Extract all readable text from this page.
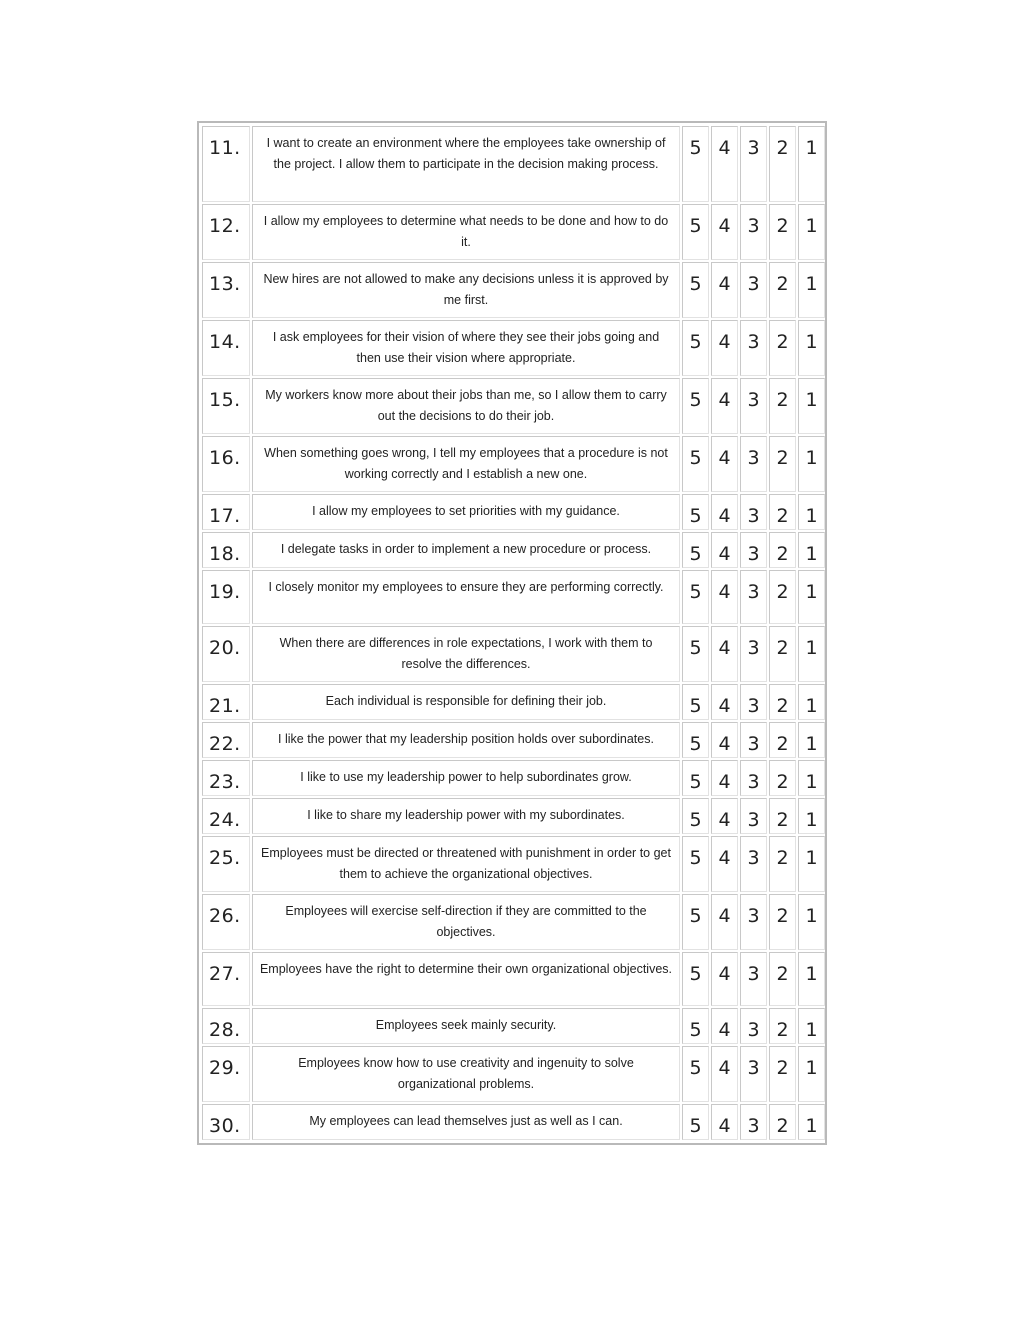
11.	I want to create an environment where the employees take ownership of the project. I allow them to participate in the decision making process.	5	4	3	2	1
12.	I allow my employees to determine what needs to be done and how to do it.	5	4	3	2	1
13.	New hires are not allowed to make any decisions unless it is approved by me first.	5	4	3	2	1
14.	I ask employees for their vision of where they see their jobs going and then use their vision where appropriate.	5	4	3	2	1
15.	My workers know more about their jobs than me, so I allow them to carry out the decisions to do their job.	5	4	3	2	1
16.	When something goes wrong, I tell my employees that a procedure is not working correctly and I establish a new one.	5	4	3	2	1
17.	I allow my employees to set priorities with my guidance.	5	4	3	2	1
18.	I delegate tasks in order to implement a new procedure or process.	5	4	3	2	1
19.	I closely monitor my employees to ensure they are performing correctly.	5	4	3	2	1
20.	When there are differences in role expectations, I work with them to resolve the differences.	5	4	3	2	1
21.	Each individual is responsible for defining their job.	5	4	3	2	1
22.	I like the power that my leadership position holds over subordinates.	5	4	3	2	1
23.	I like to use my leadership power to help subordinates grow.	5	4	3	2	1
24.	I like to share my leadership power with my subordinates.	5	4	3	2	1
25.	Employees must be directed or threatened with punishment in order to get them to achieve the organizational objectives.	5	4	3	2	1
26.	Employees will exercise self-direction if they are committed to the objectives.	5	4	3	2	1
27.	Employees have the right to determine their own organizational objectives.	5	4	3	2	1
28.	Employees seek mainly security.	5	4	3	2	1
29.	Employees know how to use creativity and ingenuity to solve organizational problems.	5	4	3	2	1
30.	My employees can lead themselves just as well as I can.	5	4	3	2	1
